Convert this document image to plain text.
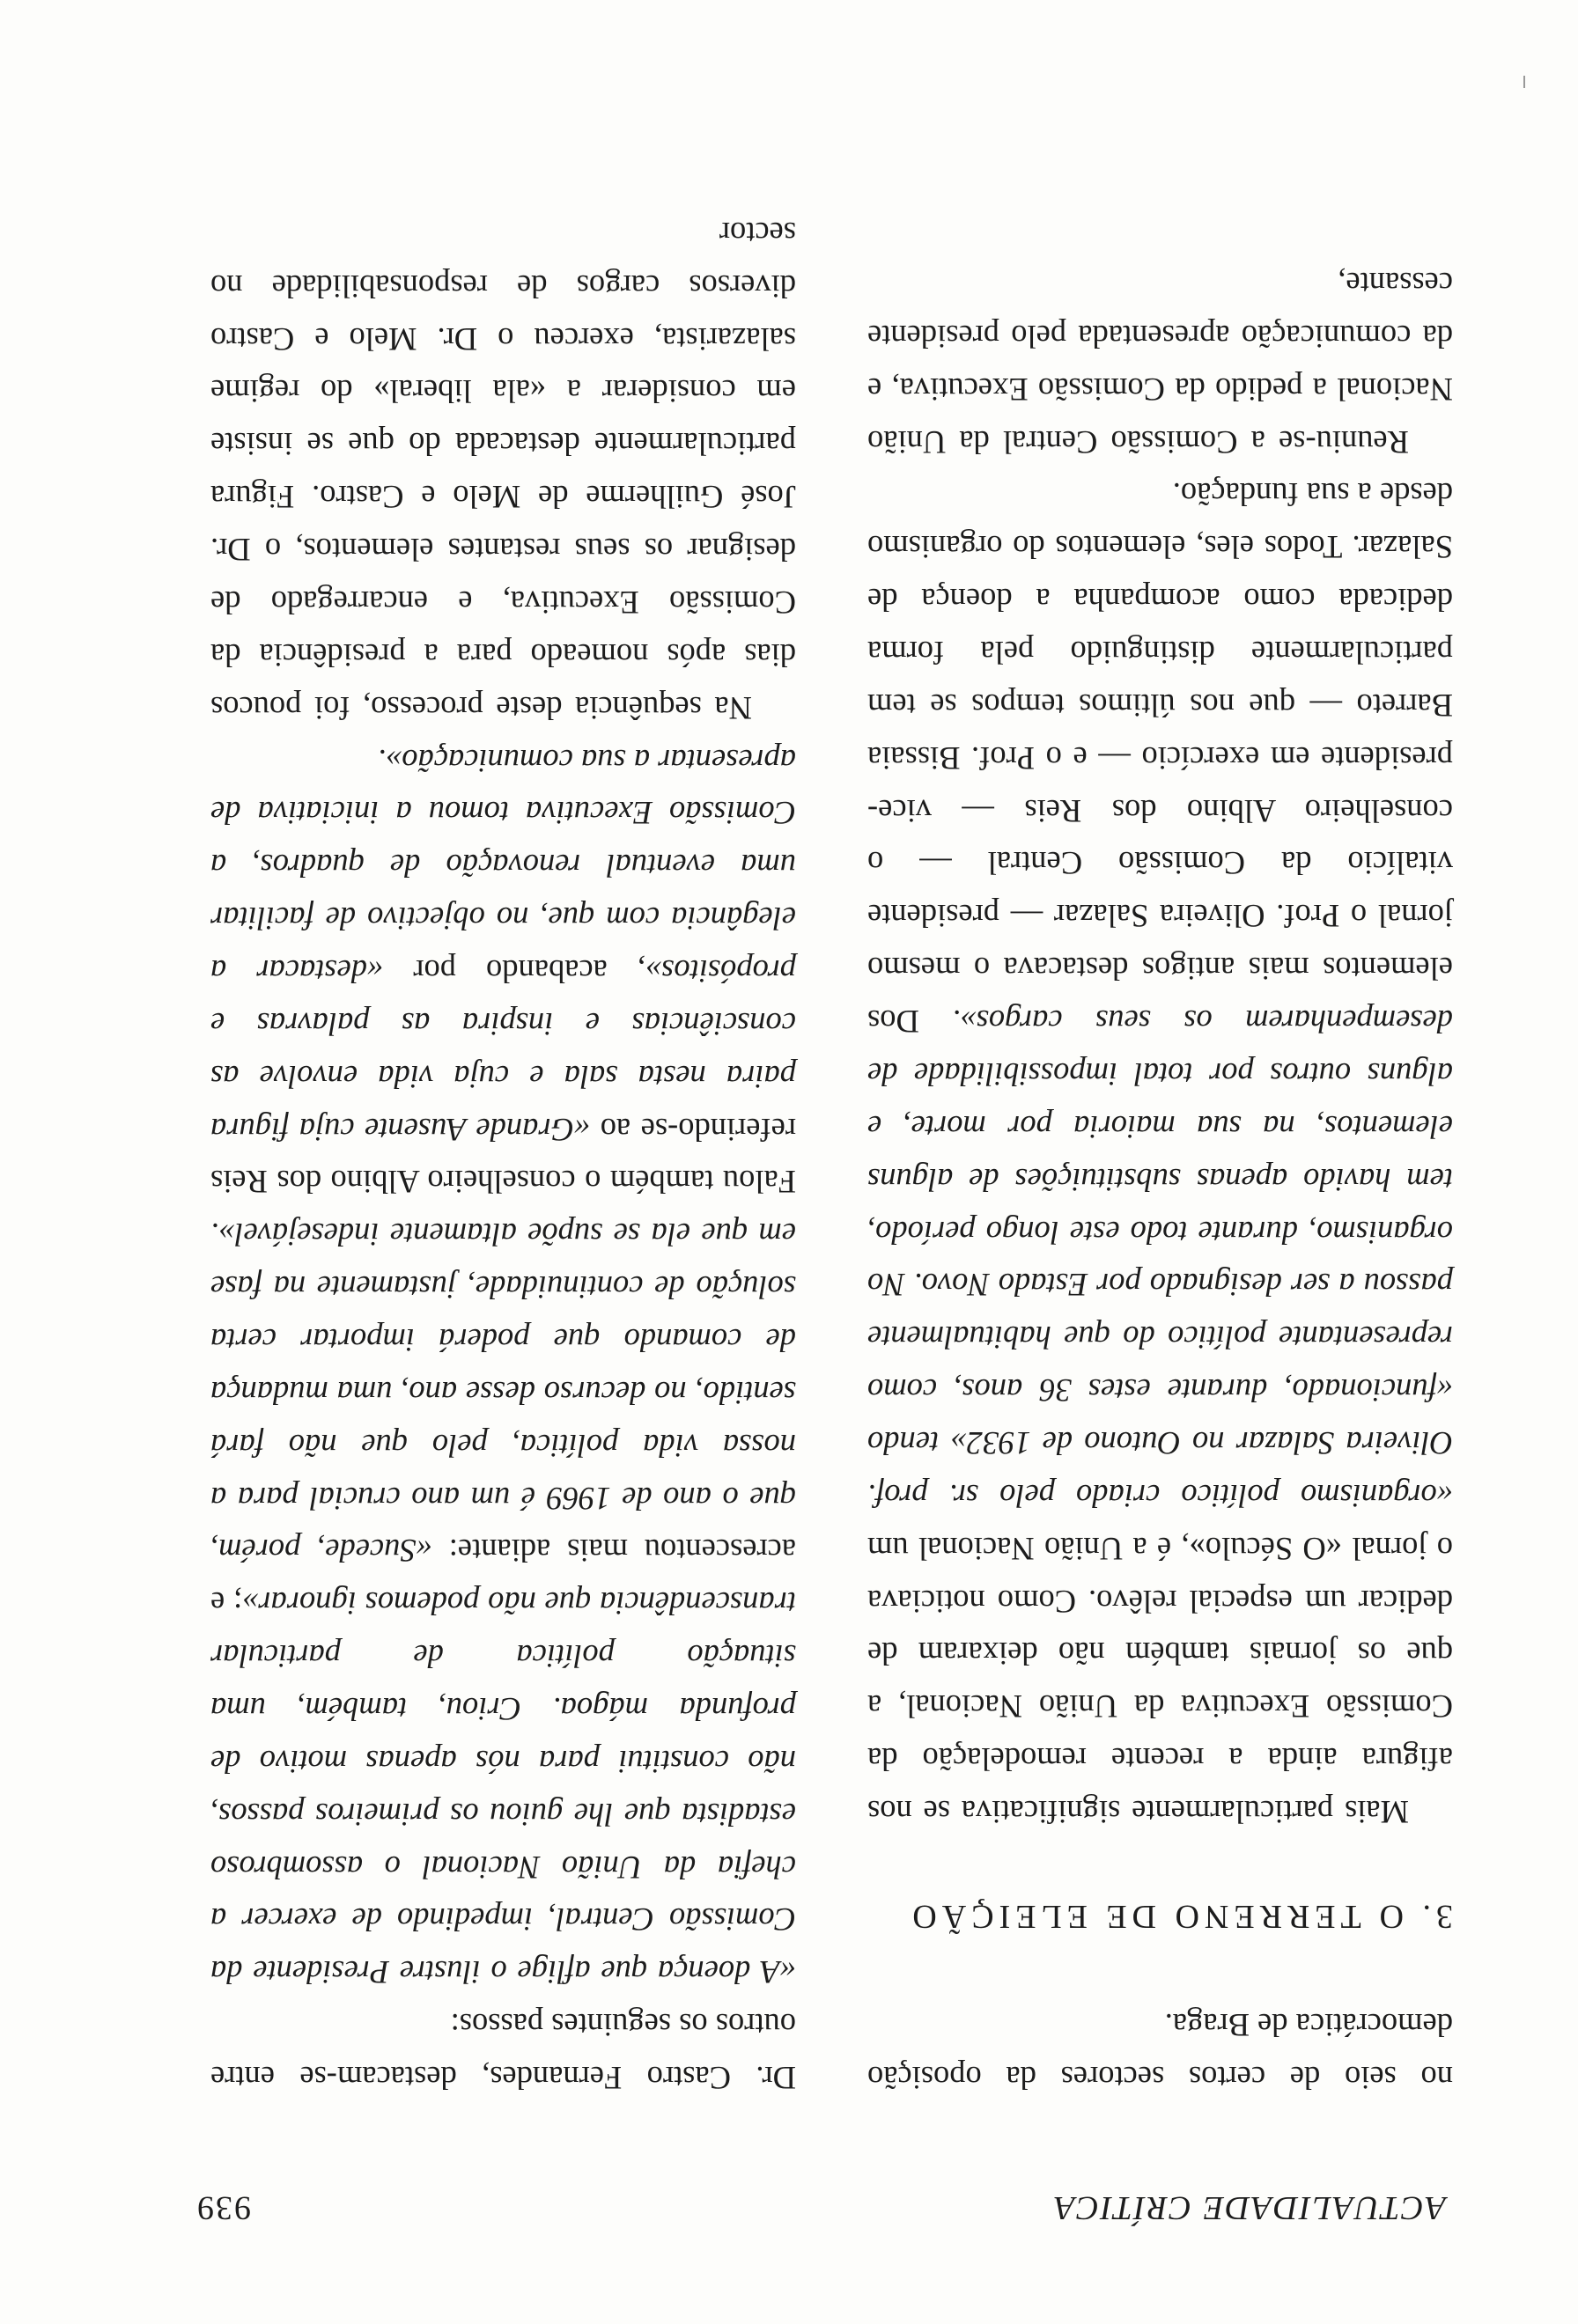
ACTUALIDADE CRÍTICA
939

no seio de certos sectores da oposição democrática de Braga.

3. O TERRENO DE ELEIÇÃO

Mais particularmente significativa se nos afigura ainda a recente remodelação da Comissão Executiva da União Nacional, a que os jornais também não deixaram de dedicar um especial relêvo. Como noticiava o jornal «O Século», é a União Nacional um «organismo político criado pelo sr. prof. Oliveira Salazar no Outono de 1932» tendo «funcionado, durante estes 36 anos, como representante político do que habitualmente passou a ser designado por Estado Novo. No organismo, durante todo este longo período, tem havido apenas substituições de alguns elementos, na sua maioria por morte, e alguns outros por total impossibilidade de desempenharem os seus cargos». Dos elementos mais antigos destacava o mesmo jornal o Prof. Oliveira Salazar — presidente vitalício da Comissão Central — o conselheiro Albino dos Reis — vice-presidente em exercício — e o Prof. Bissaia Barreto — que nos últimos tempos se tem particularmente distinguido pela forma dedicada como acompanha a doença de Salazar. Todos eles, elementos do organismo desde a sua fundação.

Reuniu-se a Comissão Central da União Nacional a pedido da Comissão Executiva, e da comunicação apresentada pelo presidente cessante,

Dr. Castro Fernandes, destacam-se entre outros os seguintes passos:

«A doença que aflige o ilustre Presidente da Comissão Central, impedindo de exercer a chefia da União Nacional o assombroso estadista que lhe guiou os primeiros passos, não constitui para nós apenas motivo de profunda mágoa. Criou, também, uma situação política de particular transcendência que não podemos ignorar»; e acrescentou mais adiante: «Sucede, porém, que o ano de 1969 é um ano crucial para a nossa vida política, pelo que não fará sentido, no decurso desse ano, uma mudança de comando que poderá importar certa solução de continuidade, justamente na fase em que ela se supõe altamente indesejável». Falou também o conselheiro Albino dos Reis referindo-se ao «Grande Ausente cuja figura paira nesta sala e cuja vida envolve as consciências e inspira as palavras e propósitos», acabando por «destacar a elegância com que, no objectivo de facilitar uma eventual renovação de quadros, a Comissão Executiva tomou a iniciativa de apresentar a sua comunicação».

Na sequência deste processo, foi poucos dias após nomeado para a presidência da Comissão Executiva, e encarregado de designar os seus restantes elementos, o Dr. José Guilherme de Melo e Castro. Figura particularmente destacada do que se insiste em considerar a «ala liberal» do regime salazarista, exerceu o Dr. Melo e Castro diversos cargos de responsabilidade no sector
